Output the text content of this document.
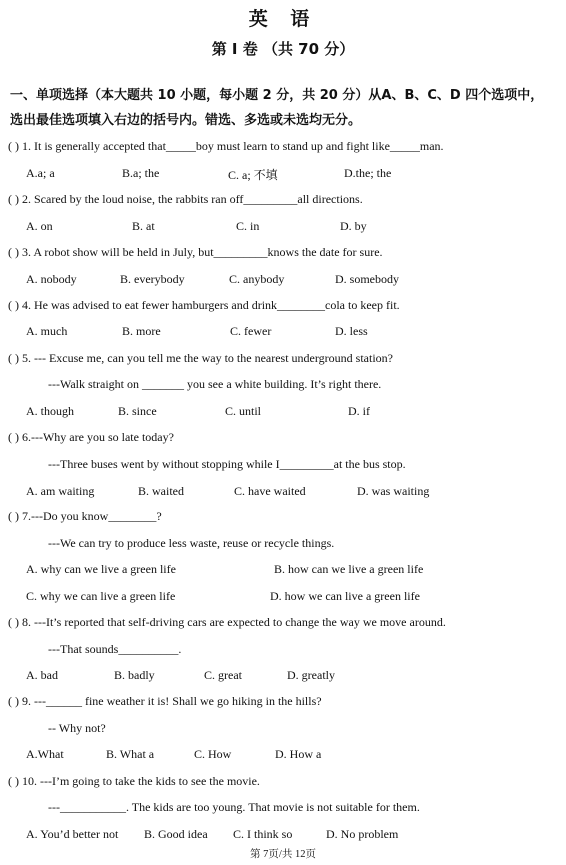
英 语
第 I 卷 （共 70 分）
一、单项选择（本大题共 10 小题，每小题 2 分，共 20 分）从A、B、C、D 四个选项中，
选出最佳选项填入右边的括号内。错选、多选或未选均无分。
( ) 1. It is generally accepted that_____boy must learn to stand up and fight like_____man.
A.a; a	B.a; the	C. a; 不填	D.the; the
( ) 2. Scared by the loud noise, the rabbits ran off_________all directions.
A. on	B. at	C. in	D. by
( ) 3. A robot show will be held in July, but_________knows the date for sure.
A. nobody	B. everybody	C. anybody	D. somebody
( ) 4. He was advised to eat fewer hamburgers and drink________cola to keep fit.
A. much	B. more	C. fewer	D. less
( ) 5. --- Excuse me, can you tell me the way to the nearest underground station?
---Walk straight on _______ you see a white building. It’s right there.
A. though	B. since	C. until	D. if
( ) 6.---Why are you so late today?
---Three buses went by without stopping while I_________at the bus stop.
A. am waiting	B. waited	C. have waited	D. was waiting
( ) 7.---Do you know________?
---We can try to produce less waste, reuse or recycle things.
A. why can we live a green life	B. how can we live a green life
C. why we can live a green life	D. how we can live a green life
( ) 8. ---It’s reported that self-driving cars are expected to change the way we move around.
---That sounds__________.
A. bad	B. badly	C. great	D. greatly
( ) 9. ---______ fine weather it is! Shall we go hiking in the hills?
-- Why not?
A.What	B. What a	C. How	D. How a
( ) 10. ---I’m going to take the kids to see the movie.
---___________. The kids are too young. That movie is not suitable for them.
A. You’d better not B. Good idea C. I think so	D. No problem
第 7页/共 12页
